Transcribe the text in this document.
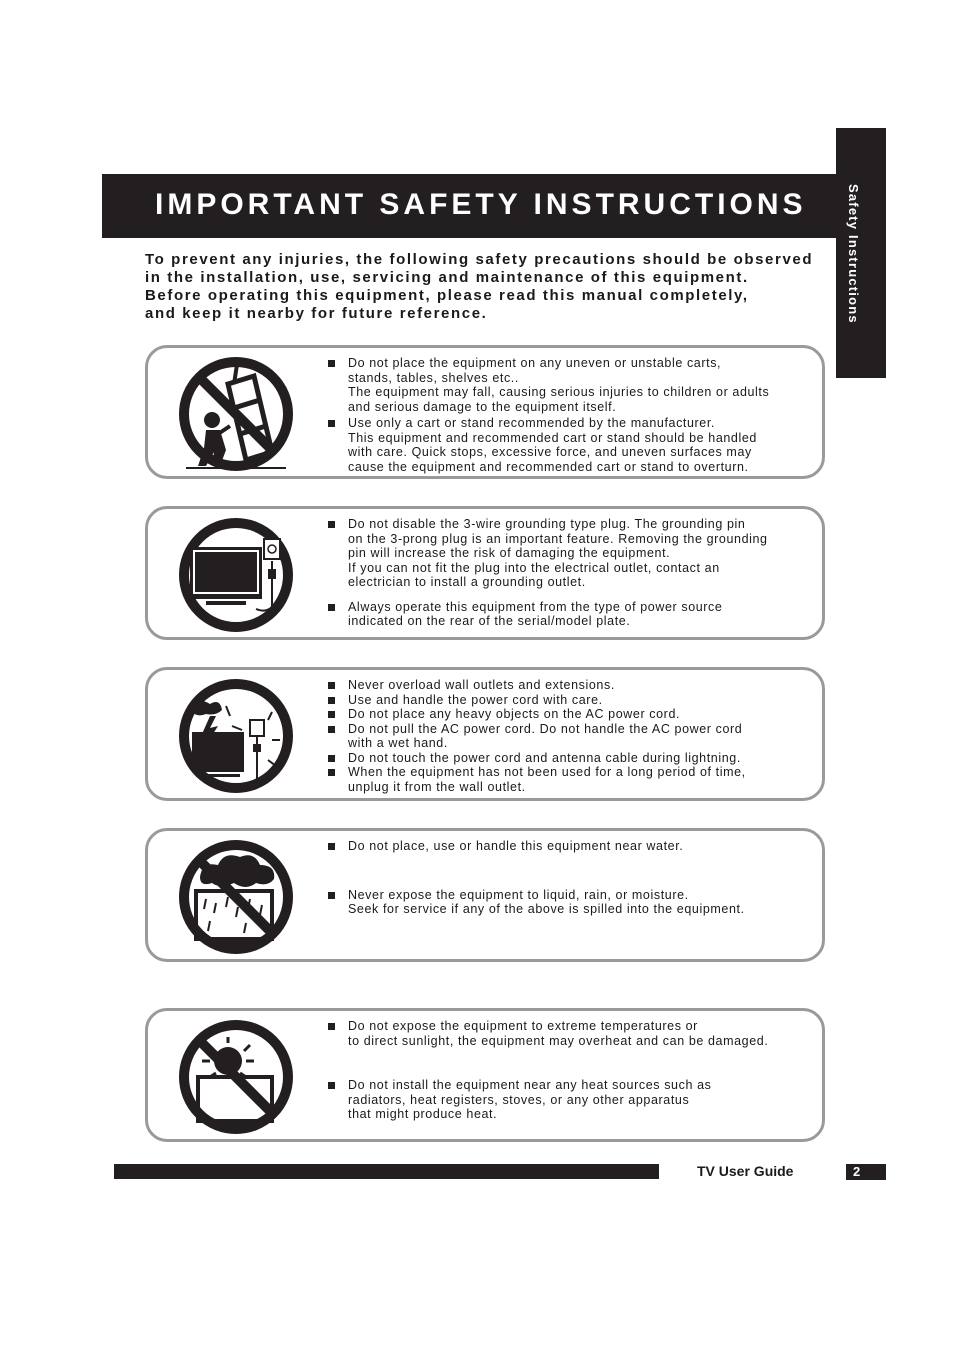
Safety Instructions
IMPORTANT SAFETY INSTRUCTIONS
To prevent any injuries, the following safety precautions should be observed
in the installation, use, servicing and maintenance of this equipment.
Before operating this equipment, please read this manual completely,
and keep it nearby for future reference.
Do not place the equipment on any uneven or unstable carts,
stands, tables, shelves etc..
The equipment may fall, causing serious injuries to children or adults
and serious damage to the equipment itself.
Use only a cart or stand recommended by the manufacturer.
This equipment and recommended cart or stand should be handled
with care. Quick stops, excessive force, and uneven surfaces may
cause the equipment and recommended cart or stand to overturn.
Do not disable the 3-wire grounding type plug. The grounding pin
on the 3-prong plug is an important feature. Removing the grounding
pin will increase the risk of damaging the equipment.
If you can not fit the plug into the electrical outlet, contact an
electrician to install a grounding outlet.
Always operate this equipment from the type of power source
indicated on the rear of the serial/model plate.
Never overload wall outlets and extensions.
Use and handle the power cord with care.
Do not place any heavy objects on the AC power cord.
Do not pull the AC power cord. Do not handle the AC power cord
with a wet hand.
Do not touch the power cord and antenna cable during lightning.
When the equipment has not been used for a long period of time,
unplug it from the wall outlet.
Do not place, use or handle this equipment near water.
Never expose the equipment to liquid, rain, or moisture.
Seek for service if any of the above is spilled into the equipment.
Do not expose the equipment to extreme temperatures or
to direct sunlight, the equipment may overheat and can be damaged.
Do not install the equipment near any heat sources such as
radiators, heat registers, stoves, or any other apparatus
that might produce heat.
TV User Guide	2
